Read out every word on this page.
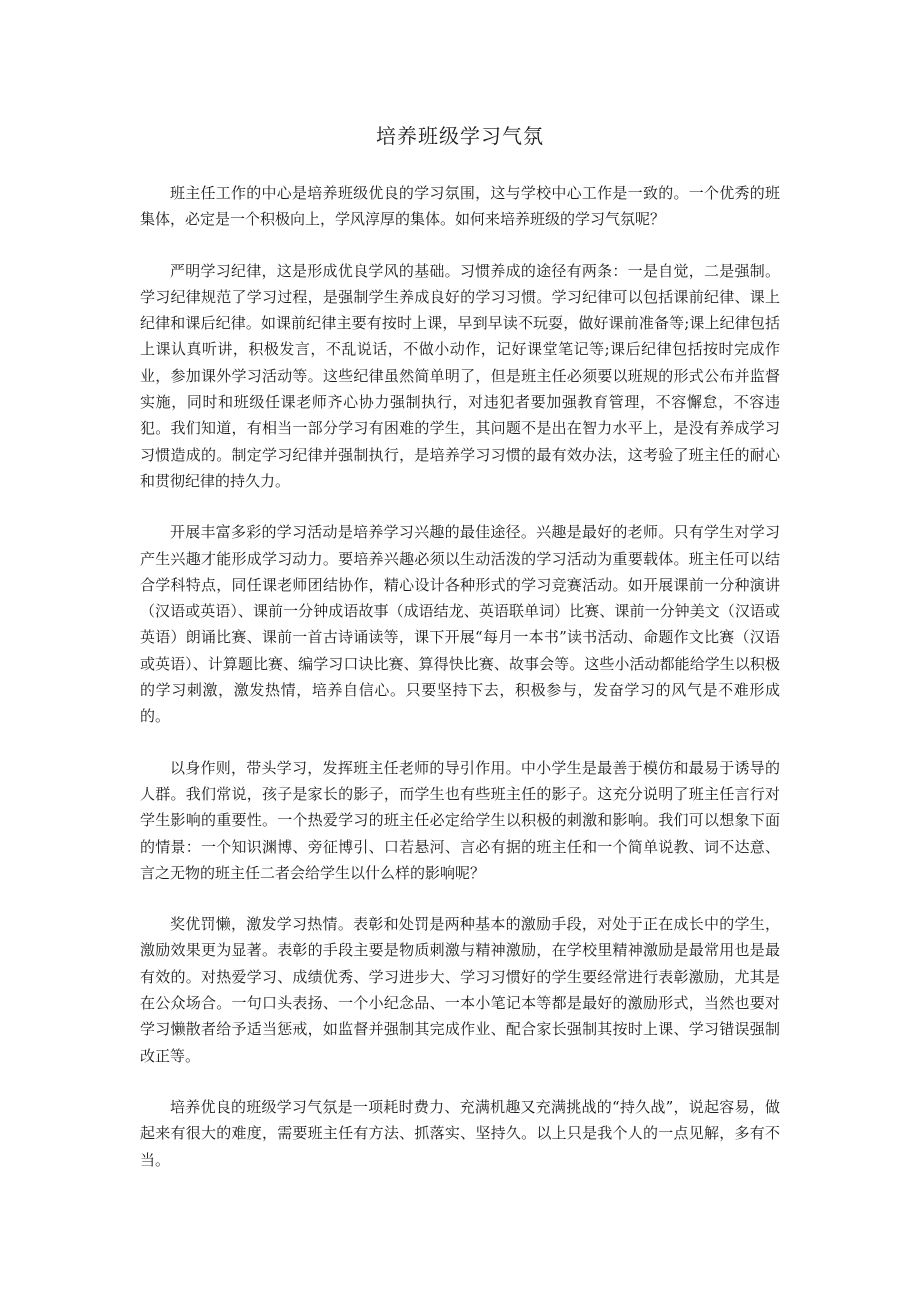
培养班级学习气氛

班主任工作的中心是培养班级优良的学习氛围，这与学校中心工作是一致的。一个优秀的班集体，必定是一个积极向上，学风淳厚的集体。如何来培养班级的学习气氛呢？

严明学习纪律，这是形成优良学风的基础。习惯养成的途径有两条：一是自觉，二是强制。学习纪律规范了学习过程，是强制学生养成良好的学习习惯。学习纪律可以包括课前纪律、课上纪律和课后纪律。如课前纪律主要有按时上课，早到早读不玩耍，做好课前准备等;课上纪律包括上课认真听讲，积极发言，不乱说话，不做小动作，记好课堂笔记等;课后纪律包括按时完成作业，参加课外学习活动等。这些纪律虽然简单明了，但是班主任必须要以班规的形式公布并监督实施，同时和班级任课老师齐心协力强制执行，对违犯者要加强教育管理，不容懈怠，不容违犯。我们知道，有相当一部分学习有困难的学生，其问题不是出在智力水平上，是没有养成学习习惯造成的。制定学习纪律并强制执行，是培养学习习惯的最有效办法，这考验了班主任的耐心和贯彻纪律的持久力。

开展丰富多彩的学习活动是培养学习兴趣的最佳途径。兴趣是最好的老师。只有学生对学习产生兴趣才能形成学习动力。要培养兴趣必须以生动活泼的学习活动为重要载体。班主任可以结合学科特点，同任课老师团结协作，精心设计各种形式的学习竞赛活动。如开展课前一分种演讲（汉语或英语）、课前一分钟成语故事（成语结龙、英语联单词）比赛、课前一分钟美文（汉语或英语）朗诵比赛、课前一首古诗诵读等，课下开展“每月一本书”读书活动、命题作文比赛（汉语或英语）、计算题比赛、编学习口诀比赛、算得快比赛、故事会等。这些小活动都能给学生以积极的学习刺激，激发热情，培养自信心。只要坚持下去，积极参与，发奋学习的风气是不难形成的。

以身作则，带头学习，发挥班主任老师的导引作用。中小学生是最善于模仿和最易于诱导的人群。我们常说，孩子是家长的影子，而学生也有些班主任的影子。这充分说明了班主任言行对学生影响的重要性。一个热爱学习的班主任必定给学生以积极的刺激和影响。我们可以想象下面的情景：一个知识渊博、旁征博引、口若悬河、言必有据的班主任和一个简单说教、词不达意、言之无物的班主任二者会给学生以什么样的影响呢？

奖优罚懒，激发学习热情。表彰和处罚是两种基本的激励手段，对处于正在成长中的学生，激励效果更为显著。表彰的手段主要是物质刺激与精神激励，在学校里精神激励是最常用也是最有效的。对热爱学习、成绩优秀、学习进步大、学习习惯好的学生要经常进行表彰激励，尤其是在公众场合。一句口头表扬、一个小纪念品、一本小笔记本等都是最好的激励形式，当然也要对学习懒散者给予适当惩戒，如监督并强制其完成作业、配合家长强制其按时上课、学习错误强制改正等。

培养优良的班级学习气氛是一项耗时费力、充满机趣又充满挑战的“持久战”，说起容易，做起来有很大的难度，需要班主任有方法、抓落实、坚持久。以上只是我个人的一点见解，多有不当。
